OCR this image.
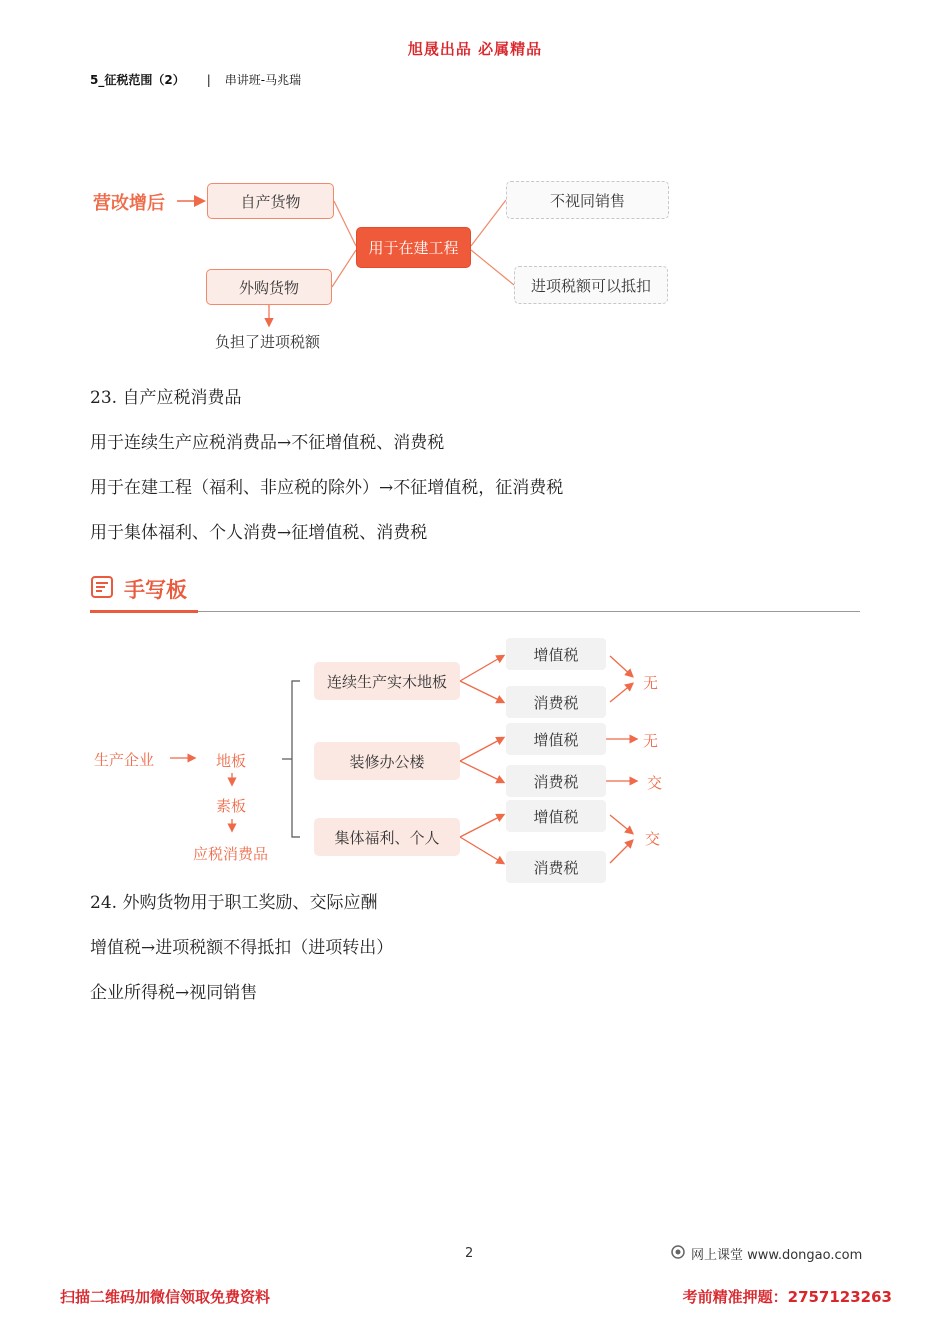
旭晟出品 必属精品
5_征税范围（2） | 串讲班-马兆瑞
营改增后	自产货物
外购货物
用于在建工程
不视同销售
进项税额可以抵扣
负担了进项税额
23. 自产应税消费品
用于连续生产应税消费品→不征增值税、消费税
用于在建工程（福利、非应税的除外）→不征增值税，征消费税
用于集体福利、个人消费→征增值税、消费税
手写板
生产企业	地板
素板
应税消费品
连续生产实木地板
装修办公楼
集体福利、个人
增值税
消费税
增值税
消费税
增值税
消费税
无
无
交
交
24. 外购货物用于职工奖励、交际应酬
增值税→进项税额不得抵扣（进项转出）
企业所得税→视同销售
2	网上课堂 www.dongao.com
扫描二维码加微信领取免费资料	考前精准押题：2757123263
